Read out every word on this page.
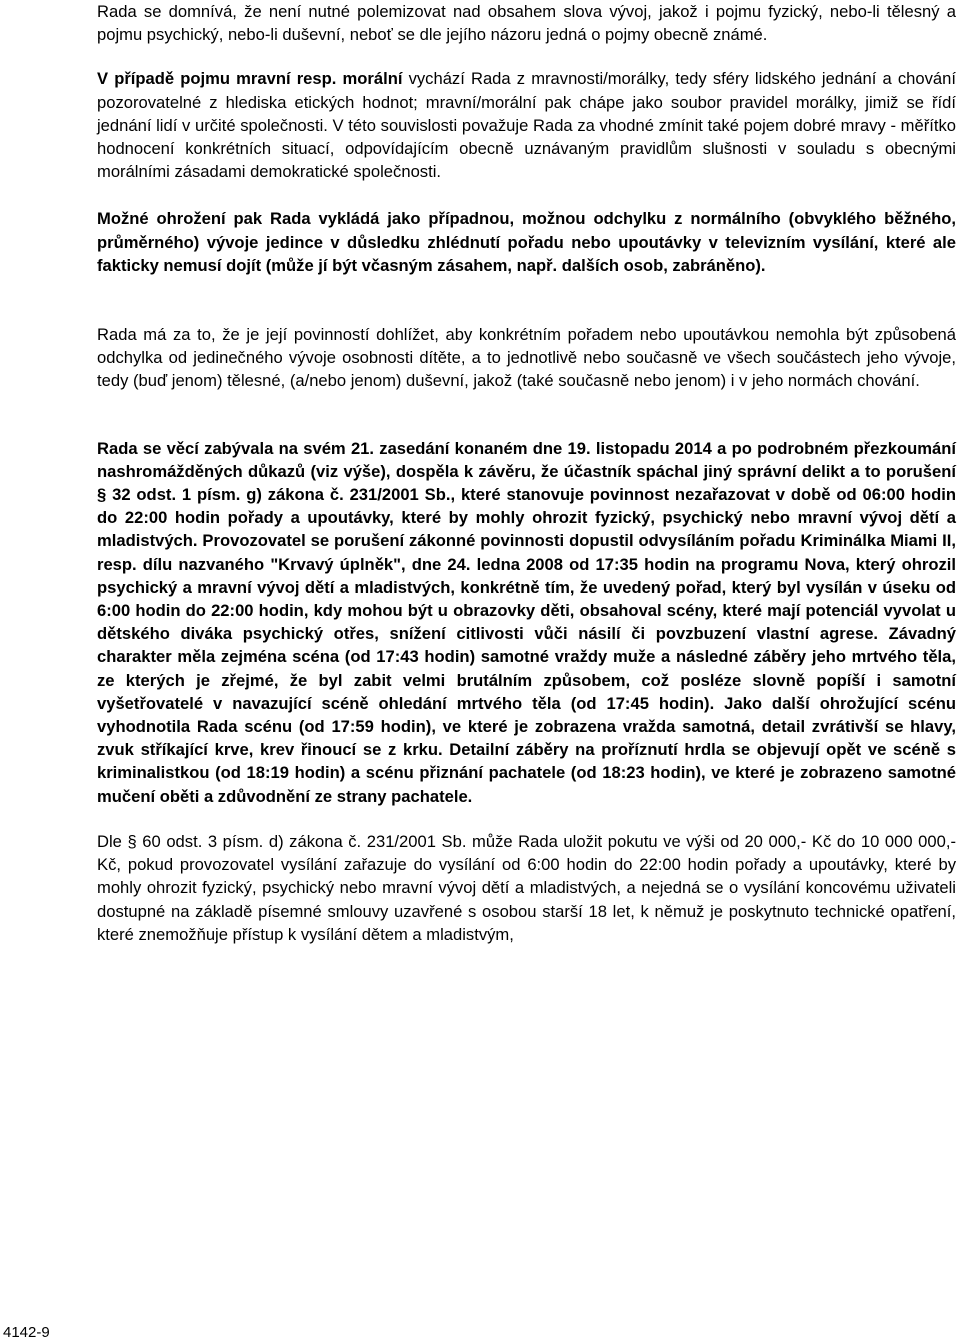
Rada se domnívá, že není nutné polemizovat nad obsahem slova vývoj, jakož i pojmu fyzický, nebo-li tělesný a pojmu psychický, nebo-li duševní, neboť se dle jejího názoru jedná o pojmy obecně známé.

V případě pojmu mravní resp. morální vychází Rada z mravnosti/morálky, tedy sféry lidského jednání a chování pozorovatelné z hlediska etických hodnot; mravní/morální pak chápe jako soubor pravidel morálky, jimiž se řídí jednání lidí v určité společnosti. V této souvislosti považuje Rada za vhodné zmínit také pojem dobré mravy - měřítko hodnocení konkrétních situací, odpovídajícím obecně uznávaným pravidlům slušnosti v souladu s obecnými morálními zásadami demokratické společnosti.

Možné ohrožení pak Rada vykládá jako případnou, možnou odchylku z normálního (obvyklého běžného, průměrného) vývoje jedince v důsledku zhlédnutí pořadu nebo upoutávky v televizním vysílání, které ale fakticky nemusí dojít (může jí být včasným zásahem, např. dalších osob, zabráněno).

Rada má za to, že je její povinností dohlížet, aby konkrétním pořadem nebo upoutávkou nemohla být způsobená odchylka od jedinečného vývoje osobnosti dítěte, a to jednotlivě nebo současně ve všech součástech jeho vývoje, tedy (buď jenom) tělesné, (a/nebo jenom) duševní, jakož (také současně nebo jenom) i v jeho normách chování.

Rada se věcí zabývala na svém 21. zasedání konaném dne 19. listopadu 2014 a po podrobném přezkoumání nashromážděných důkazů (viz výše), dospěla k závěru, že účastník spáchal jiný správní delikt a to porušení § 32 odst. 1 písm. g) zákona č. 231/2001 Sb., které stanovuje povinnost nezařazovat v době od 06:00 hodin do 22:00 hodin pořady a upoutávky, které by mohly ohrozit fyzický, psychický nebo mravní vývoj dětí a mladistvých. Provozovatel se porušení zákonné povinnosti dopustil odvysíláním pořadu Kriminálka Miami II, resp. dílu nazvaného "Krvavý úplněk", dne 24. ledna 2008 od 17:35 hodin na programu Nova, který ohrozil psychický a mravní vývoj dětí a mladistvých, konkrétně tím, že uvedený pořad, který byl vysílán v úseku od 6:00 hodin do 22:00 hodin, kdy mohou být u obrazovky děti, obsahoval scény, které mají potenciál vyvolat u dětského diváka psychický otřes, snížení citlivosti vůči násilí či povzbuzení vlastní agrese. Závadný charakter měla zejména scéna (od 17:43 hodin) samotné vraždy muže a následné záběry jeho mrtvého těla, ze kterých je zřejmé, že byl zabit velmi brutálním způsobem, což posléze slovně popíší i samotní vyšetřovatelé v navazující scéně ohledání mrtvého těla (od 17:45 hodin). Jako další ohrožující scénu vyhodnotila Rada scénu (od 17:59 hodin), ve které je zobrazena vražda samotná, detail zvrátivší se hlavy, zvuk stříkající krve, krev řinoucí se z krku. Detailní záběry na proříznutí hrdla se objevují opět ve scéně s kriminalistkou (od 18:19 hodin) a scénu přiznání pachatele (od 18:23 hodin), ve které je zobrazeno samotné mučení oběti a zdůvodnění ze strany pachatele.

Dle § 60 odst. 3 písm. d) zákona č. 231/2001 Sb. může Rada uložit pokutu ve výši od 20 000,- Kč do 10 000 000,- Kč, pokud provozovatel vysílání zařazuje do vysílání od 6:00 hodin do 22:00 hodin pořady a upoutávky, které by mohly ohrozit fyzický, psychický nebo mravní vývoj dětí a mladistvých, a nejedná se o vysílání koncovému uživateli dostupné na základě písemné smlouvy uzavřené s osobou starší 18 let, k němuž je poskytnuto technické opatření, které znemožňuje přístup k vysílání dětem a mladistvým,

4142-9
